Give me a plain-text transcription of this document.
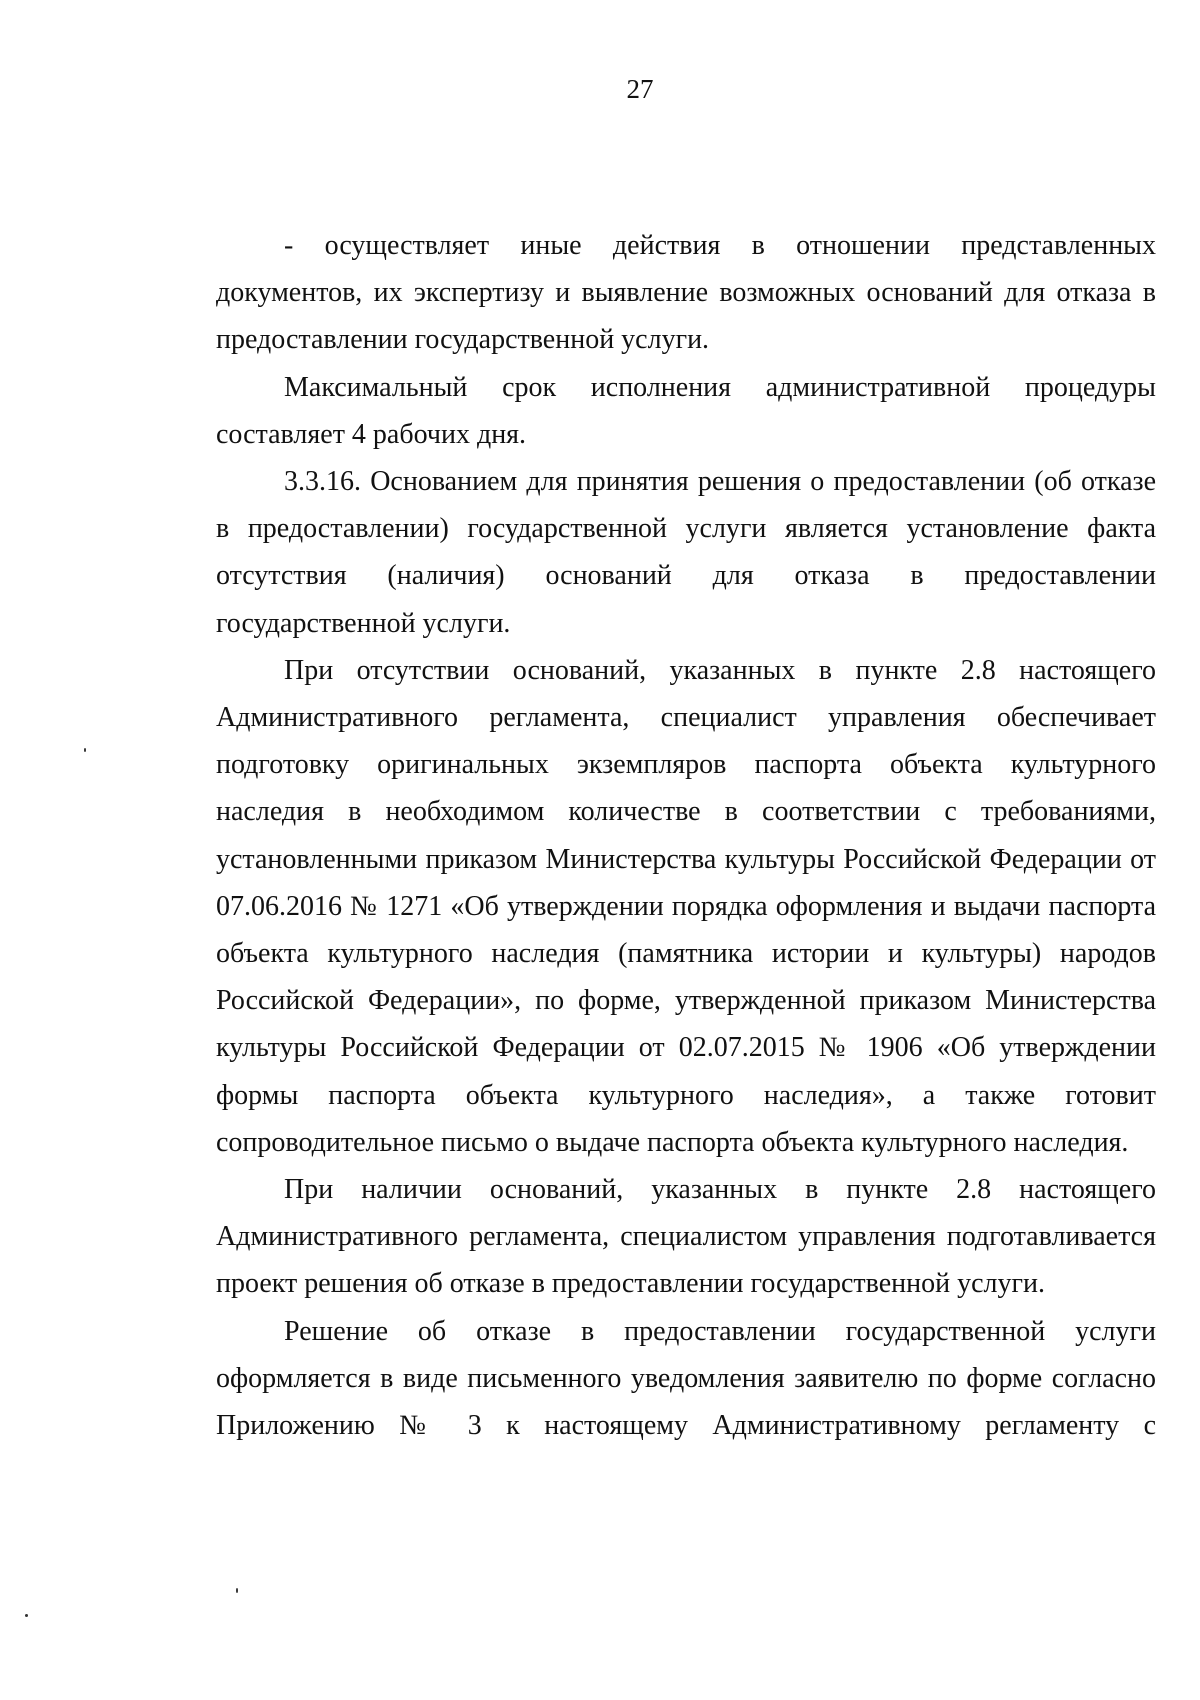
27

- осуществляет иные действия в отношении представленных документов, их экспертизу и выявление возможных оснований для отказа в предоставлении государственной услуги.

Максимальный срок исполнения административной процедуры составляет 4 рабочих дня.

3.3.16. Основанием для принятия решения о предоставлении (об отказе в предоставлении) государственной услуги является установление факта отсутствия (наличия) оснований для отказа в предоставлении государственной услуги.

При отсутствии оснований, указанных в пункте 2.8 настоящего Административного регламента, специалист управления обеспечивает подготовку оригинальных экземпляров паспорта объекта культурного наследия в необходимом количестве в соответствии с требованиями, установленными приказом Министерства культуры Российской Федерации от 07.06.2016 № 1271 «Об утверждении порядка оформления и выдачи паспорта объекта культурного наследия (памятника истории и культуры) народов Российской Федерации», по форме, утвержденной приказом Министерства культуры Российской Федерации от 02.07.2015 № 1906 «Об утверждении формы паспорта объекта культурного наследия», а также готовит сопроводительное письмо о выдаче паспорта объекта культурного наследия.

При наличии оснований, указанных в пункте 2.8 настоящего Административного регламента, специалистом управления подготавливается проект решения об отказе в предоставлении государственной услуги.

Решение об отказе в предоставлении государственной услуги оформляется в виде письменного уведомления заявителю по форме согласно Приложению № 3 к настоящему Административному регламенту с
